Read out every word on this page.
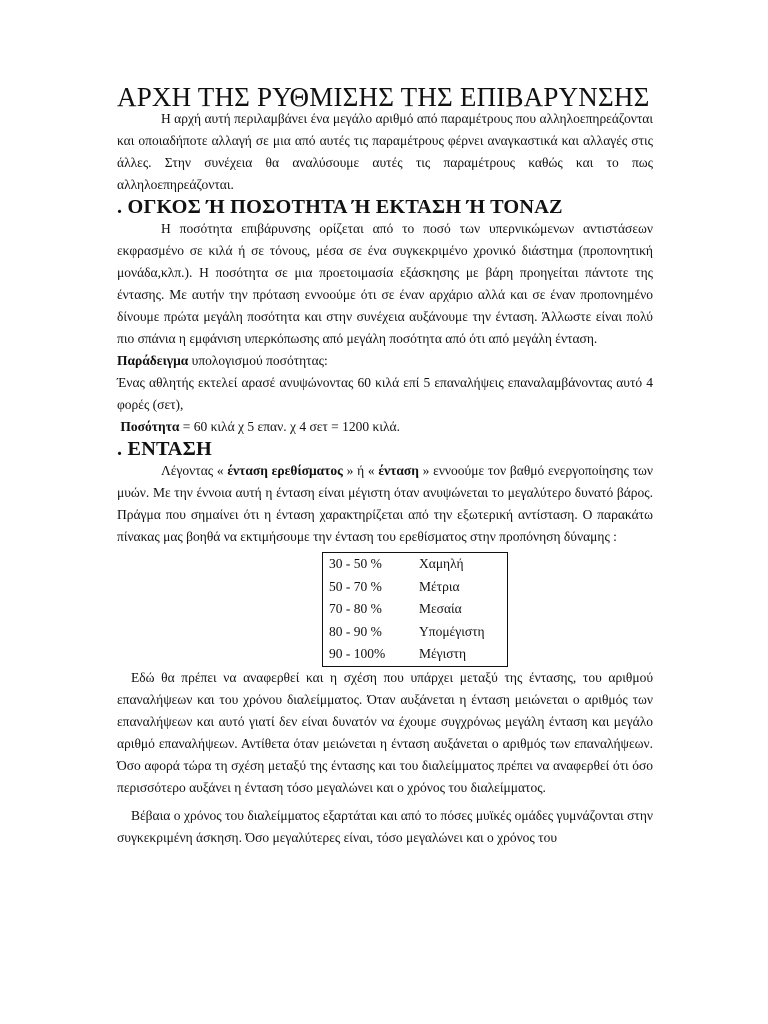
ΑΡΧΗ ΤΗΣ ΡΥΘΜΙΣΗΣ ΤΗΣ ΕΠΙΒΑΡΥΝΣΗΣ

Η αρχή αυτή περιλαμβάνει ένα μεγάλο αριθμό από παραμέτρους που αλληλοεπηρεάζονται και οποιαδήποτε αλλαγή σε μια από αυτές τις παραμέτρους φέρνει αναγκαστικά και αλλαγές στις άλλες. Στην συνέχεια θα αναλύσουμε αυτές τις παραμέτρους καθώς και το πως αλληλοεπηρεάζονται.

. ΟΓΚΟΣ Ή ΠΟΣΟΤΗΤΑ Ή ΕΚΤΑΣΗ Ή ΤΟΝΑΖ

Η ποσότητα επιβάρυνσης ορίζεται από το ποσό των υπερνικώμενων αντιστάσεων εκφρασμένο σε κιλά ή σε τόνους, μέσα σε ένα συγκεκριμένο χρονικό διάστημα (προπονητική μονάδα,κλπ.). Η ποσότητα σε μια προετοιμασία εξάσκησης με βάρη προηγείται πάντοτε της έντασης. Με αυτήν την πρόταση εννοούμε ότι σε έναν αρχάριο αλλά και σε έναν προπονημένο δίνουμε πρώτα μεγάλη ποσότητα και στην συνέχεια αυξάνουμε την ένταση. Άλλωστε είναι πολύ πιο σπάνια η εμφάνιση υπερκόπωσης από μεγάλη ποσότητα από ότι από μεγάλη ένταση.

Παράδειγμα υπολογισμού ποσότητας:

Ένας αθλητής εκτελεί αρασέ ανυψώνοντας 60 κιλά επί 5 επαναλήψεις επαναλαμβάνοντας αυτό 4 φορές (σετ),

Ποσότητα = 60 κιλά χ 5 επαν. χ 4 σετ = 1200 κιλά.

. ΕΝΤΑΣΗ

Λέγοντας « ένταση ερεθίσματος » ή « ένταση » εννοούμε τον βαθμό ενεργοποίησης των μυών. Με την έννοια αυτή η ένταση είναι μέγιστη όταν ανυψώνεται το μεγαλύτερο δυνατό βάρος. Πράγμα που σημαίνει ότι η ένταση χαρακτηρίζεται από την εξωτερική αντίσταση. Ο παρακάτω πίνακας μας βοηθά να εκτιμήσουμε την ένταση του ερεθίσματος στην προπόνηση δύναμης :

30 - 50 %	Χαμηλή
50 - 70 %	Μέτρια
70 - 80 %	Μεσαία
80 - 90 %	Υπομέγιστη
90 - 100%	Μέγιστη

Εδώ θα πρέπει να αναφερθεί και η σχέση που υπάρχει μεταξύ της έντασης, του αριθμού επαναλήψεων και του χρόνου διαλείμματος. Όταν αυξάνεται η ένταση μειώνεται ο αριθμός των επαναλήψεων και αυτό γιατί δεν είναι δυνατόν να έχουμε συγχρόνως μεγάλη ένταση και μεγάλο αριθμό επαναλήψεων. Αντίθετα όταν μειώνεται η ένταση αυξάνεται ο αριθμός των επαναλήψεων. Όσο αφορά τώρα τη σχέση μεταξύ της έντασης και του διαλείμματος πρέπει να αναφερθεί ότι όσο περισσότερο αυξάνει η ένταση τόσο μεγαλώνει και ο χρόνος του διαλείμματος.

Βέβαια ο χρόνος του διαλείμματος εξαρτάται και από το πόσες μυϊκές ομάδες γυμνάζονται στην συγκεκριμένη άσκηση. Όσο μεγαλύτερες είναι, τόσο μεγαλώνει και ο χρόνος του
